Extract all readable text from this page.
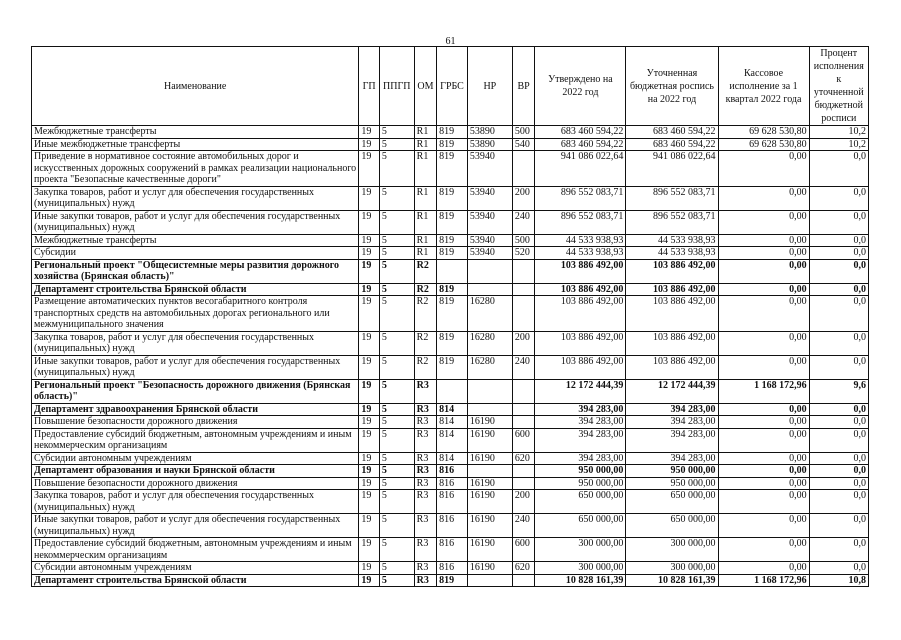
61
Наименование	ГП	ППГП	ОМ	ГРБС	НР	ВР	Утверждено на 2022 год	Уточненная бюджетная роспись на 2022 год	Кассовое исполнение за 1 квартал 2022 года	Процент исполнения к уточненной бюджетной росписи
Межбюджетные трансферты	19	5	R1	819	53890	500	683 460 594,22	683 460 594,22	69 628 530,80	10,2
Иные межбюджетные трансферты	19	5	R1	819	53890	540	683 460 594,22	683 460 594,22	69 628 530,80	10,2
Приведение в нормативное состояние автомобильных дорог и искусственных дорожных сооружений в рамках реализации национального проекта "Безопасные качественные дороги"	19	5	R1	819	53940		941 086 022,64	941 086 022,64	0,00	0,0
Закупка товаров, работ и услуг для обеспечения государственных (муниципальных) нужд	19	5	R1	819	53940	200	896 552 083,71	896 552 083,71	0,00	0,0
Иные закупки товаров, работ и услуг для обеспечения государственных (муниципальных) нужд	19	5	R1	819	53940	240	896 552 083,71	896 552 083,71	0,00	0,0
Межбюджетные трансферты	19	5	R1	819	53940	500	44 533 938,93	44 533 938,93	0,00	0,0
Субсидии	19	5	R1	819	53940	520	44 533 938,93	44 533 938,93	0,00	0,0
Региональный проект "Общесистемные меры развития дорожного хозяйства (Брянская область)"	19	5	R2				103 886 492,00	103 886 492,00	0,00	0,0
Департамент строительства Брянской области	19	5	R2	819			103 886 492,00	103 886 492,00	0,00	0,0
Размещение автоматических пунктов весогабаритного контроля транспортных средств на автомобильных дорогах регионального или межмуниципального значения	19	5	R2	819	16280		103 886 492,00	103 886 492,00	0,00	0,0
Закупка товаров, работ и услуг для обеспечения государственных (муниципальных) нужд	19	5	R2	819	16280	200	103 886 492,00	103 886 492,00	0,00	0,0
Иные закупки товаров, работ и услуг для обеспечения государственных (муниципальных) нужд	19	5	R2	819	16280	240	103 886 492,00	103 886 492,00	0,00	0,0
Региональный проект "Безопасность дорожного движения (Брянская область)"	19	5	R3				12 172 444,39	12 172 444,39	1 168 172,96	9,6
Департамент здравоохранения Брянской области	19	5	R3	814			394 283,00	394 283,00	0,00	0,0
Повышение безопасности дорожного движения	19	5	R3	814	16190		394 283,00	394 283,00	0,00	0,0
Предоставление субсидий бюджетным, автономным учреждениям и иным некоммерческим организациям	19	5	R3	814	16190	600	394 283,00	394 283,00	0,00	0,0
Субсидии автономным учреждениям	19	5	R3	814	16190	620	394 283,00	394 283,00	0,00	0,0
Департамент образования и науки Брянской области	19	5	R3	816			950 000,00	950 000,00	0,00	0,0
Повышение безопасности дорожного движения	19	5	R3	816	16190		950 000,00	950 000,00	0,00	0,0
Закупка товаров, работ и услуг для обеспечения государственных (муниципальных) нужд	19	5	R3	816	16190	200	650 000,00	650 000,00	0,00	0,0
Иные закупки товаров, работ и услуг для обеспечения государственных (муниципальных) нужд	19	5	R3	816	16190	240	650 000,00	650 000,00	0,00	0,0
Предоставление субсидий бюджетным, автономным учреждениям и иным некоммерческим организациям	19	5	R3	816	16190	600	300 000,00	300 000,00	0,00	0,0
Субсидии автономным учреждениям	19	5	R3	816	16190	620	300 000,00	300 000,00	0,00	0,0
Департамент строительства Брянской области	19	5	R3	819			10 828 161,39	10 828 161,39	1 168 172,96	10,8
